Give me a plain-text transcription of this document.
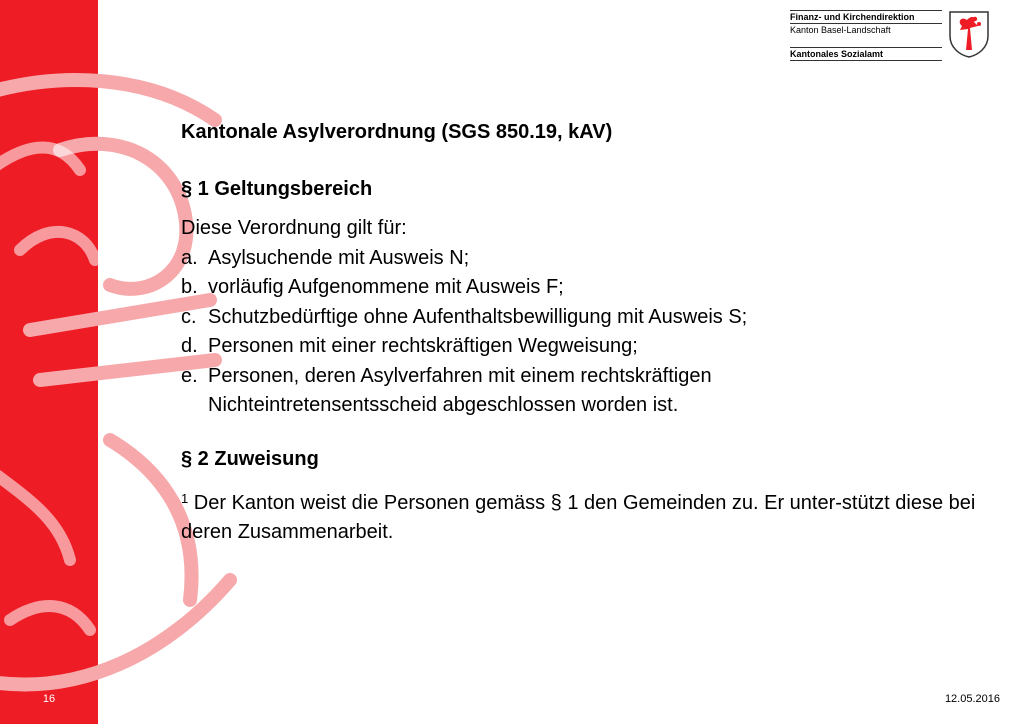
Finanz- und Kirchendirektion
Kanton Basel-Landschaft
Kantonales Sozialamt
Kantonale Asylverordnung (SGS 850.19, kAV)
§ 1 Geltungsbereich

Diese Verordnung gilt für:

a. Asylsuchende mit Ausweis N;
b. vorläufig Aufgenommene mit Ausweis F;
c. Schutzbedürftige ohne Aufenthaltsbewilligung mit Ausweis S;
d. Personen mit einer rechtskräftigen Wegweisung;
e. Personen, deren Asylverfahren mit einem rechtskräftigen Nichteintretensentsscheid abgeschlossen worden ist.
§ 2 Zuweisung

$^1$ Der Kanton weist die Personen gemäss § 1 den Gemeinden zu. Er unter-stützt diese bei deren Zusammenarbeit.

16	12.05.2016
